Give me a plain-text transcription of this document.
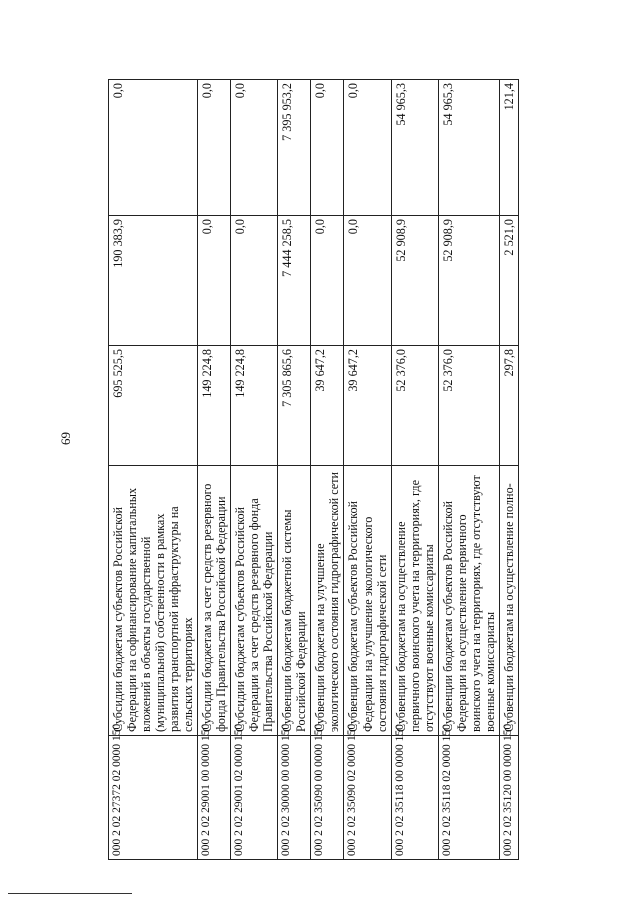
69
000 2 02 27372 02 0000 150	Субсидии бюджетам субъектов Российской Федерации на софинансирование капитальных вложений в объекты государственной (муниципальной) собственности в рамках развития транспортной инфраструктуры на сельских территориях	695 525,5	190 383,9	0,0
000 2 02 29001 00 0000 150	Субсидии бюджетам за счет средств резервного фонда Правительства Российской Федерации	149 224,8	0,0	0,0
000 2 02 29001 02 0000 150	Субсидии бюджетам субъектов Российской Федерации за счет средств резервного фонда Правительства Российской Федерации	149 224,8	0,0	0,0
000 2 02 30000 00 0000 150	Субвенции бюджетам бюджетной системы Российской Федерации	7 305 865,6	7 444 258,5	7 395 953,2
000 2 02 35090 00 0000 150	Субвенции бюджетам на улучшение экологического состояния гидрографической сети	39 647,2	0,0	0,0
000 2 02 35090 02 0000 150	Субвенции бюджетам субъектов Российской Федерации на улучшение экологического состояния гидрографической сети	39 647,2	0,0	0,0
000 2 02 35118 00 0000 150	Субвенции бюджетам на осуществление первичного воинского учета на территориях, где отсутствуют военные комиссариаты	52 376,0	52 908,9	54 965,3
000 2 02 35118 02 0000 150	Субвенции бюджетам субъектов Российской Федерации на осуществление первичного воинского учета на территориях, где отсутствуют военные комиссариаты	52 376,0	52 908,9	54 965,3
000 2 02 35120 00 0000 150	Субвенции бюджетам на осуществление полно-	297,8	2 521,0	121,4
